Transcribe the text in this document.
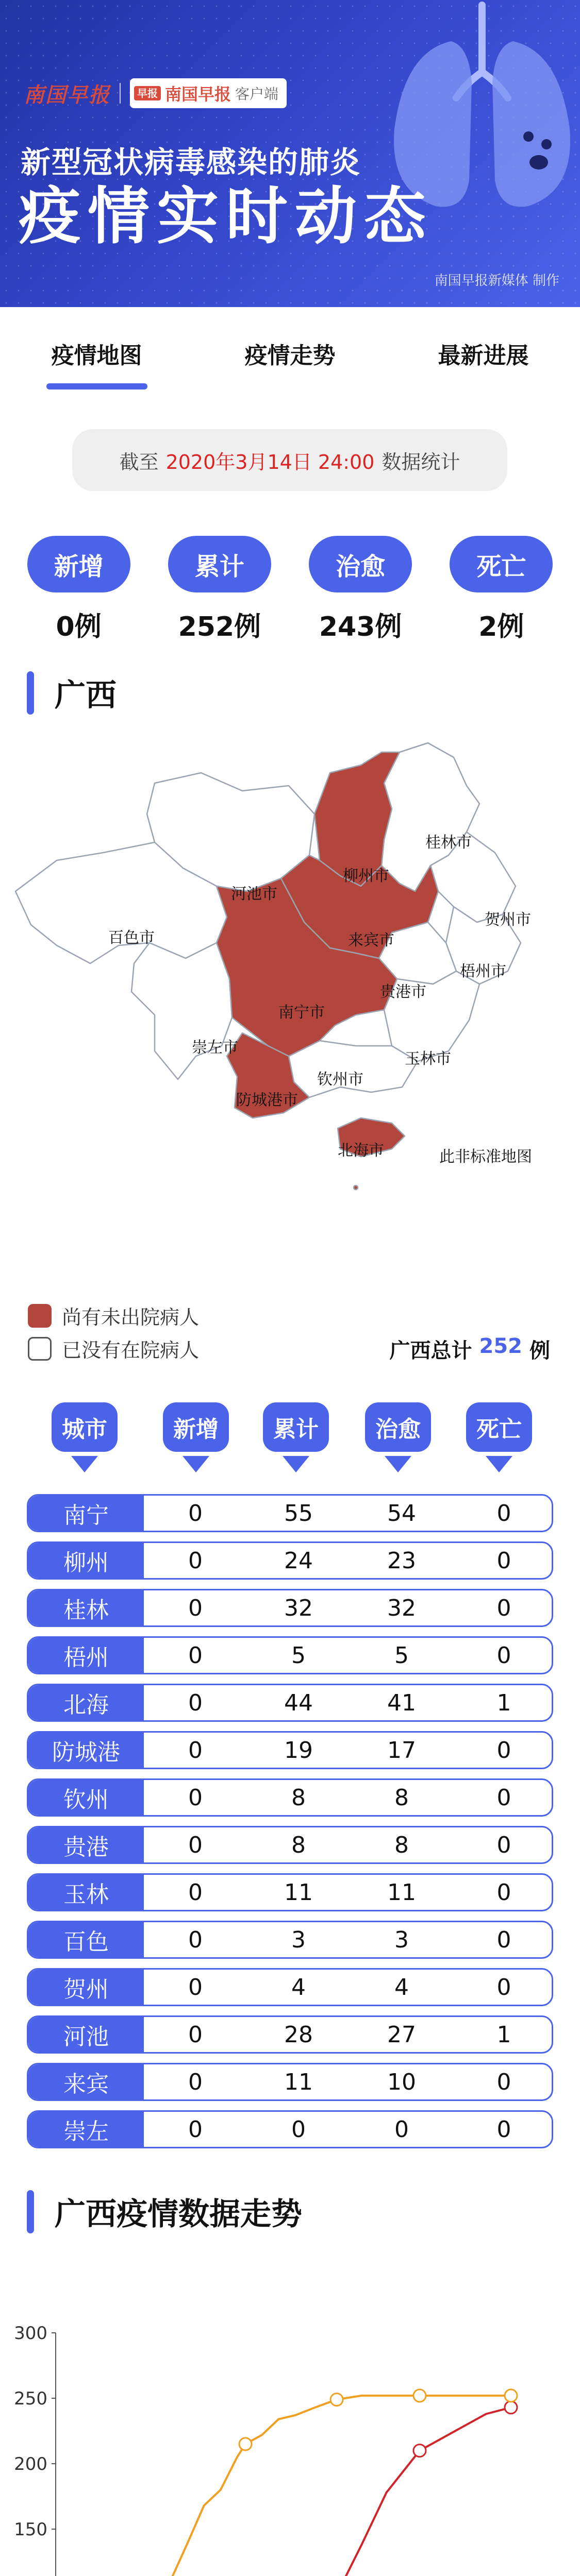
南国早报	早报 南国早报 客户端
新型冠状病毒感染的肺炎
疫情实时动态
南国早报新媒体 制作
疫情地图	疫情走势	最新进展
截至 2020年3月14日 24:00 数据统计
新增
0例
累计
252例
治愈
243例
死亡
2例
广西
桂林市
柳州市
河池市
贺州市
百色市	来宾市
梧州市
贵港市
南宁市
崇左市
玉林市
钦州市
防城港市
北海市	此非标准地图
尚有未出院病人
已没有在院病人	广西总计 252 例
城市	新增	累计	治愈	死亡
南宁	0	55	54	0
柳州	0	24	23	0
桂林	0	32	32	0
梧州	0	5	5	0
北海	0	44	41	1
防城港	0	19	17	0
钦州	0	8	8	0
贵港	0	8	8	0
玉林	0	11	11	0
百色	0	3	3	0
贺州	0	4	4	0
河池	0	28	27	1
来宾	0	11	10	0
崇左	0	0	0	0
广西疫情数据走势
150
200
250
300
